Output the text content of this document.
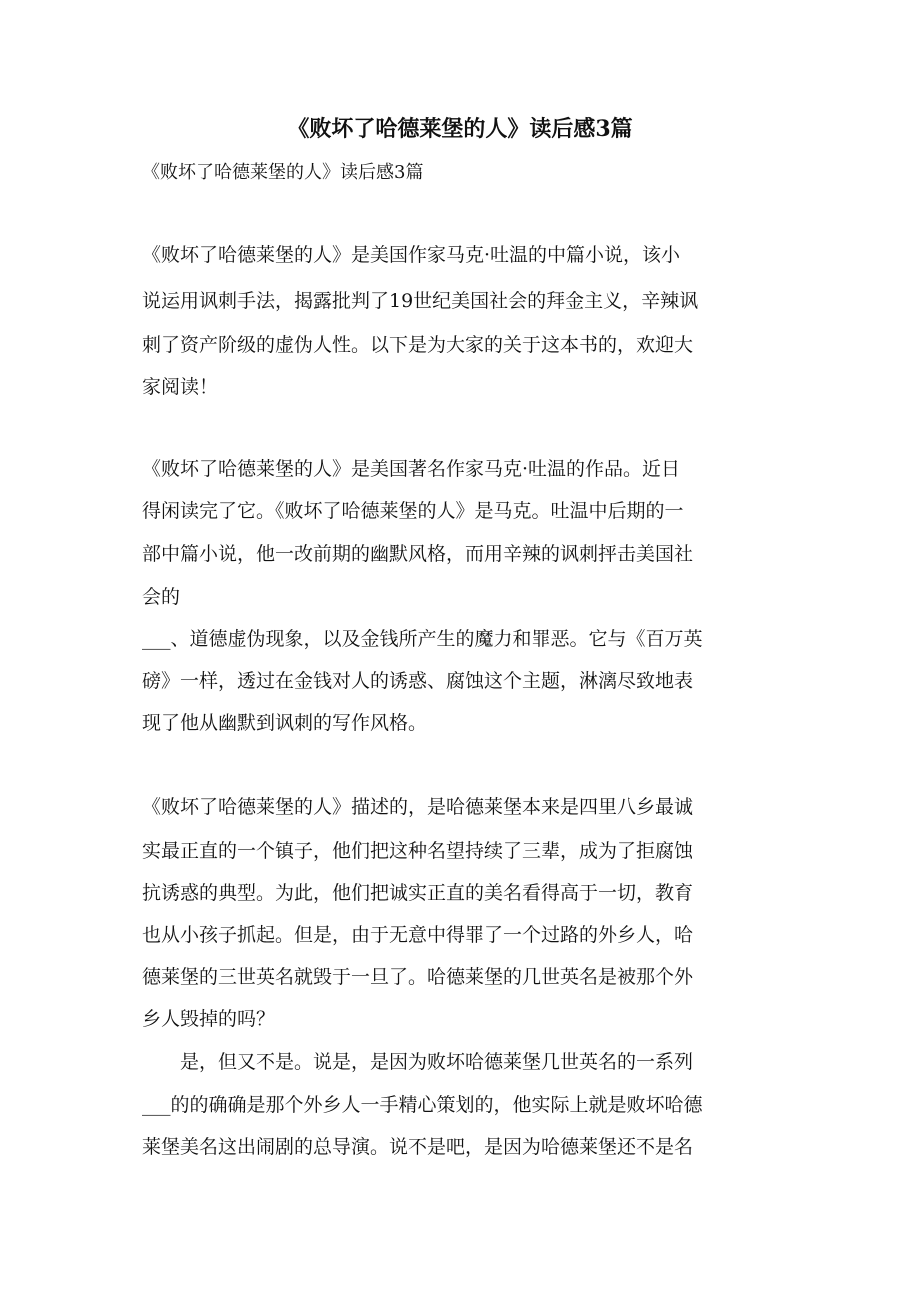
《败坏了哈德莱堡的人》读后感3篇

《败坏了哈德莱堡的人》读后感3篇

《败坏了哈德莱堡的人》是美国作家马克·吐温的中篇小说，该小

说运用讽刺手法，揭露批判了19世纪美国社会的拜金主义，辛辣讽

刺了资产阶级的虚伪人性。以下是为大家的关于这本书的，欢迎大

家阅读！

《败坏了哈德莱堡的人》是美国著名作家马克·吐温的作品。近日

得闲读完了它。《败坏了哈德莱堡的人》是马克。吐温中后期的一

部中篇小说，他一改前期的幽默风格，而用辛辣的讽刺抨击美国社

会的

___、道德虚伪现象，以及金钱所产生的魔力和罪恶。它与《百万英

磅》一样，透过在金钱对人的诱惑、腐蚀这个主题，淋漓尽致地表

现了他从幽默到讽刺的写作风格。

《败坏了哈德莱堡的人》描述的，是哈德莱堡本来是四里八乡最诚

实最正直的一个镇子，他们把这种名望持续了三辈，成为了拒腐蚀

抗诱惑的典型。为此，他们把诚实正直的美名看得高于一切，教育

也从小孩子抓起。但是，由于无意中得罪了一个过路的外乡人，哈

德莱堡的三世英名就毁于一旦了。哈德莱堡的几世英名是被那个外

乡人毁掉的吗？

　　是，但又不是。说是，是因为败坏哈德莱堡几世英名的一系列

___的的确确是那个外乡人一手精心策划的，他实际上就是败坏哈德

莱堡美名这出闹剧的总导演。说不是吧，是因为哈德莱堡还不是名
